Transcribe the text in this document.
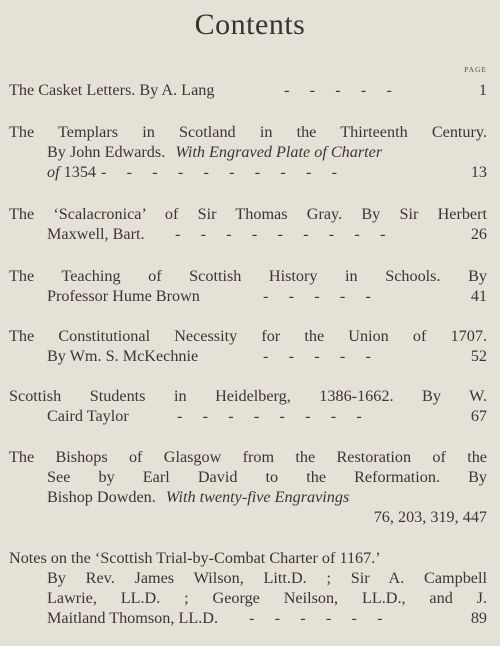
Contents
PAGE
The Casket Letters. By A. Lang	-     -     -     -     -	1
The Templars in Scotland in the Thirteenth Century.
By John Edwards. With Engraved Plate of Charter
of 1354 -     -     -     -     -     -     -     -     -     -	13
The ‘Scalacronica’ of Sir Thomas Gray. By Sir Herbert
Maxwell, Bart. -     -     -     -     -     -     -     -     -	26
The Teaching of Scottish History in Schools. By
Professor Hume Brown	-     -     -     -     -	41
The Constitutional Necessity for the Union of 1707.
By Wm. S. McKechnie	-     -     -     -     -	52
Scottish Students in Heidelberg, 1386-1662. By W.
Caird Taylor	-     -     -     -     -     -     -     -	67
The Bishops of Glasgow from the Restoration of the
See by Earl David to the Reformation. By
Bishop Dowden. With twenty-five Engravings
76, 203, 319, 447
Notes on the ‘Scottish Trial-by-Combat Charter of 1167.’
By Rev. James Wilson, Litt.D. ; Sir A. Campbell
Lawrie, LL.D. ; George Neilson, LL.D., and J.
Maitland Thomson, LL.D. -     -     -     -     -     -	89
